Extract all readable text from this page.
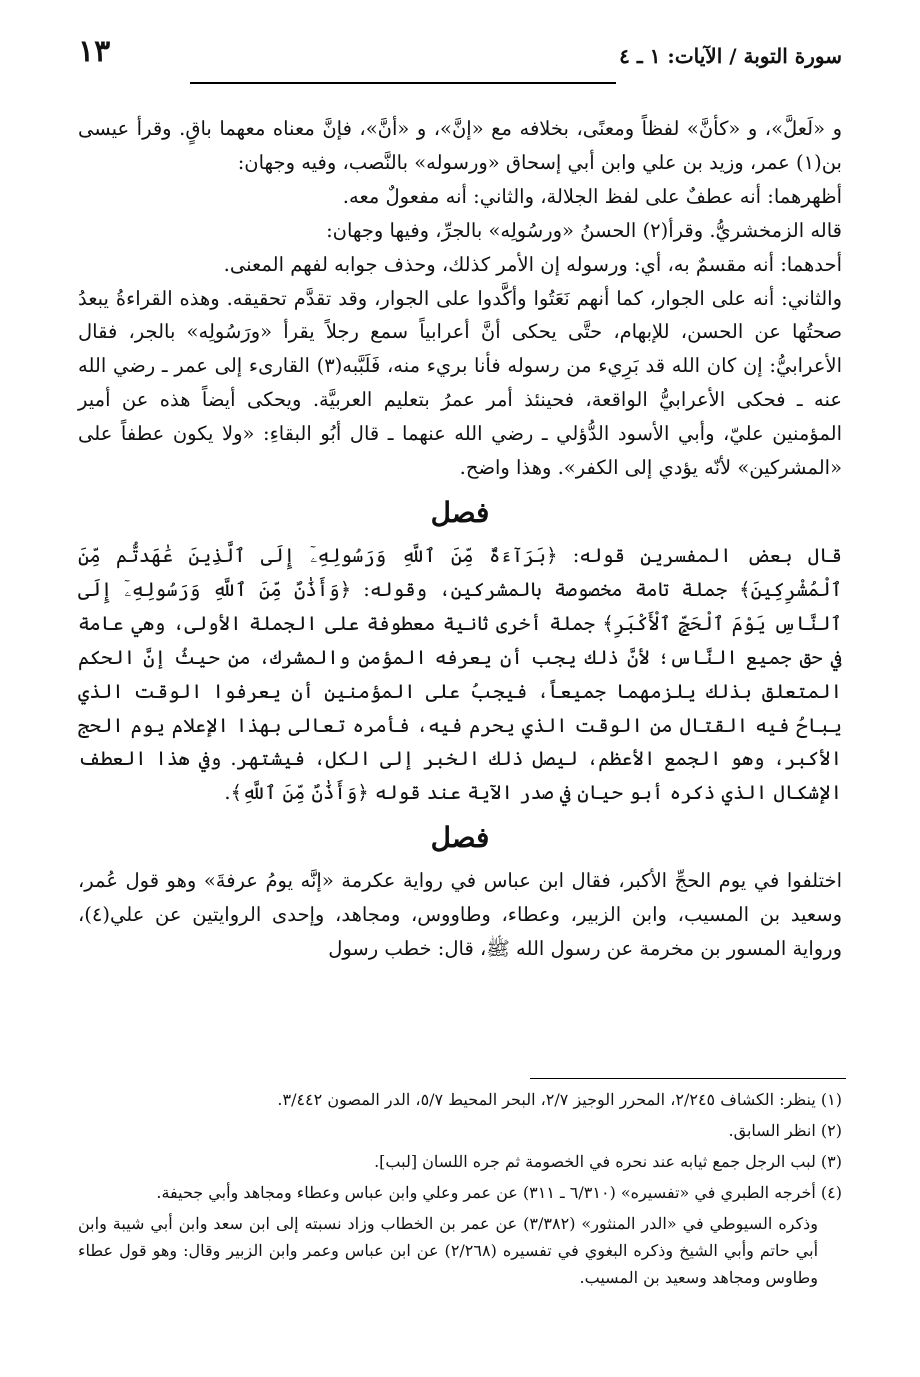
سورة التوبة / الآيات: ١ ـ ٤
١٣

و «لَعلَّ»، و «كأنَّ» لفظاً ومعنًى، بخلافه مع «إنَّ»، و «أنَّ»، فإنَّ معناه معهما باقٍ. وقرأ عيسى بن(١) عمر، وزيد بن علي وابن أبي إسحاق «ورسوله» بالنَّصب، وفيه وجهان:

أظهرهما: أنه عطفٌ على لفظ الجلالة، والثاني: أنه مفعولٌ معه.

قاله الزمخشريُّ. وقرأ(٢) الحسنُ «ورسُولِه» بالجرِّ، وفيها وجهان:

أحدهما: أنه مقسمٌ به، أي: ورسوله إن الأمر كذلك، وحذف جوابه لفهم المعنى.

والثاني: أنه على الجوار، كما أنهم نَعَتُوا وأكَّدوا على الجوار، وقد تقدَّم تحقيقه. وهذه القراءةُ يبعدُ صحتُها عن الحسن، للإبهام، حتَّى يحكى أنَّ أعرابياً سمع رجلاً يقرأ «ورَسُولِه» بالجر، فقال الأعرابيُّ: إن كان الله قد بَرِيء من رسوله فأنا بريء منه، فَلَبَّبه(٣) القارىء إلى عمر ـ رضي الله عنه ـ فحكى الأعرابيُّ الواقعة، فحينئذ أمر عمرُ بتعليم العربيَّة. ويحكى أيضاً هذه عن أمير المؤمنين عليّ، وأبي الأسود الدُّؤلي ـ رضي الله عنهما ـ قال أبُو البقاءِ: «ولا يكون عطفاً على «المشركين» لأنّه يؤدي إلى الكفر». وهذا واضح.

فصل

قال بعض المفسرين قوله: ﴿بَرَآءَةٌ مِّنَ ٱللَّهِ وَرَسُولِهِۦٓ إِلَى ٱلَّذِينَ عَٰهَدتُّم مِّنَ ٱلْمُشْرِكِينَ﴾ جملة تامة مخصوصة بالمشركين، وقوله: ﴿وَأَذَٰنٌ مِّنَ ٱللَّهِ وَرَسُولِهِۦٓ إِلَى ٱلنَّاسِ يَوْمَ ٱلْحَجِّ ٱلْأَكْبَرِ﴾ جملة أخرى ثانية معطوفة على الجملة الأولى، وهي عامة في حق جميع النَّاس؛ لأنَّ ذلك يجب أن يعرفه المؤمن والمشرك، من حيثُ إنَّ الحكم المتعلق بذلك يلزمهما جميعاً، فيجبُ على المؤمنين أن يعرفوا الوقت الذي يباحُ فيه القتال من الوقت الذي يحرم فيه، فأمره تعالى بهذا الإعلام يوم الحج الأكبر، وهو الجمع الأعظم، ليصل ذلك الخبر إلى الكل، فيشتهر. وفي هذا العطف الإشكال الذي ذكره أبو حيان في صدر الآية عند قوله ﴿وَأَذَٰنٌ مِّنَ ٱللَّهِ﴾.

فصل

اختلفوا في يوم الحجِّ الأكبر، فقال ابن عباس في رواية عكرمة «إنَّه يومُ عرفةَ» وهو قول عُمر، وسعيد بن المسيب، وابن الزبير، وعطاء، وطاووس، ومجاهد، وإحدى الروايتين عن علي(٤)، ورواية المسور بن مخرمة عن رسول الله ﷺ، قال: خطب رسول

(١) ينظر: الكشاف ٢/٢٤٥، المحرر الوجيز ٢/٧، البحر المحيط ٥/٧، الدر المصون ٣/٤٤٢.

(٢) انظر السابق.

(٣) لبب الرجل جمع ثيابه عند نحره في الخصومة ثم جره اللسان [لبب].

(٤) أخرجه الطبري في «تفسيره» (٦/٣١٠ ـ ٣١١) عن عمر وعلي وابن عباس وعطاء ومجاهد وأبي جحيفة.

وذكره السيوطي في «الدر المنثور» (٣/٣٨٢) عن عمر بن الخطاب وزاد نسبته إلى ابن سعد وابن أبي شيبة وابن أبي حاتم وأبي الشيخ وذكره البغوي في تفسيره (٢/٢٦٨) عن ابن عباس وعمر وابن الزبير وقال: وهو قول عطاء وطاوس ومجاهد وسعيد بن المسيب.
